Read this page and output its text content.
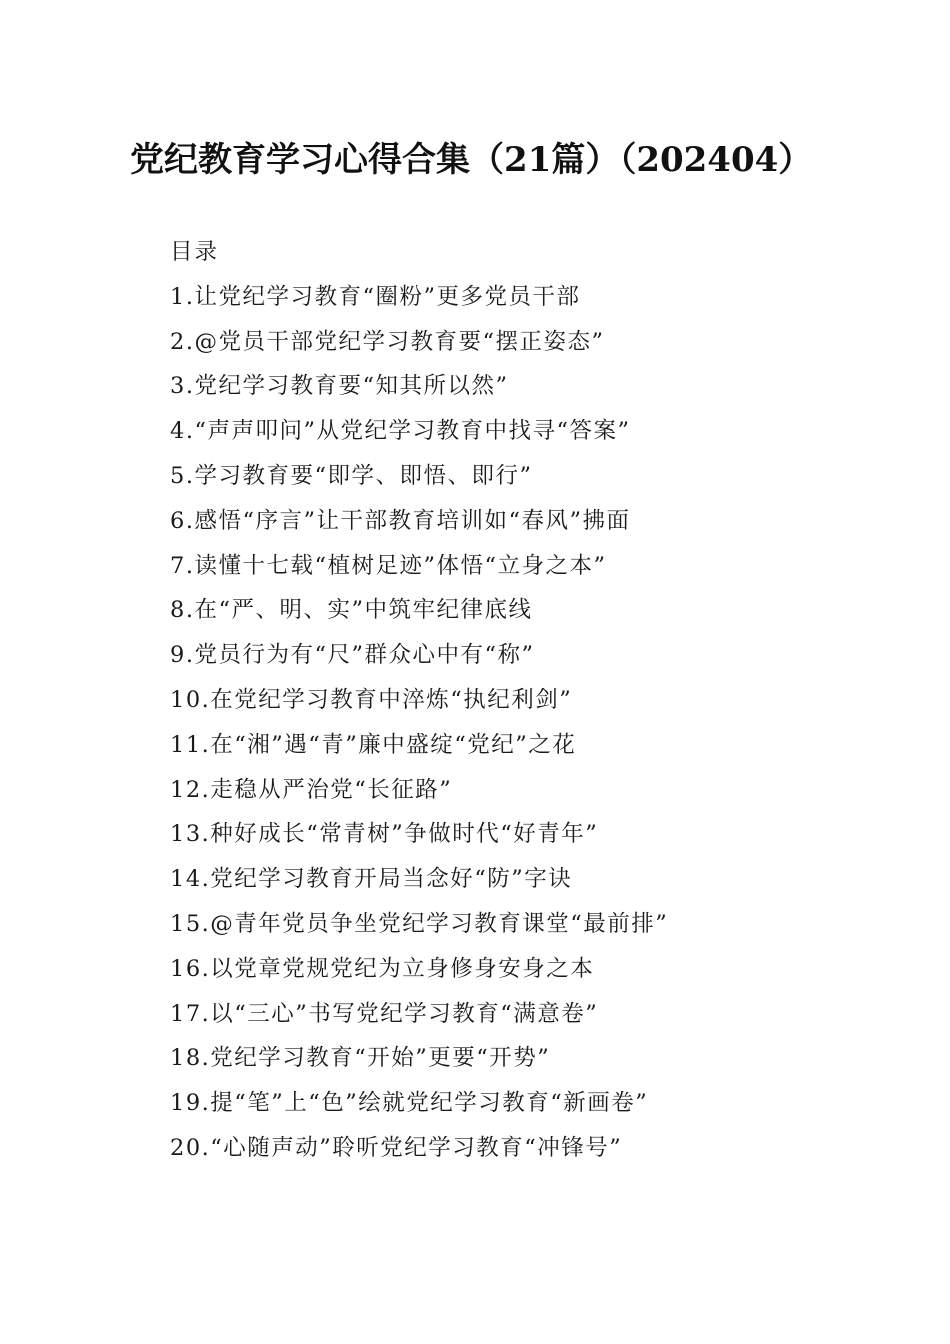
党纪教育学习心得合集（21篇）（202404）
目录
1.让党纪学习教育“圈粉”更多党员干部
2.@党员干部党纪学习教育要“摆正姿态”
3.党纪学习教育要“知其所以然”
4.“声声叩问”从党纪学习教育中找寻“答案”
5.学习教育要“即学、即悟、即行”
6.感悟“序言”让干部教育培训如“春风”拂面
7.读懂十七载“植树足迹”体悟“立身之本”
8.在“严、明、实”中筑牢纪律底线
9.党员行为有“尺”群众心中有“称”
10.在党纪学习教育中淬炼“执纪利剑”
11.在“湘”遇“青”廉中盛绽“党纪”之花
12.走稳从严治党“长征路”
13.种好成长“常青树”争做时代“好青年”
14.党纪学习教育开局当念好“防”字诀
15.@青年党员争坐党纪学习教育课堂“最前排”
16.以党章党规党纪为立身修身安身之本
17.以“三心”书写党纪学习教育“满意卷”
18.党纪学习教育“开始”更要“开势”
19.提“笔”上“色”绘就党纪学习教育“新画卷”
20.“心随声动”聆听党纪学习教育“冲锋号”
